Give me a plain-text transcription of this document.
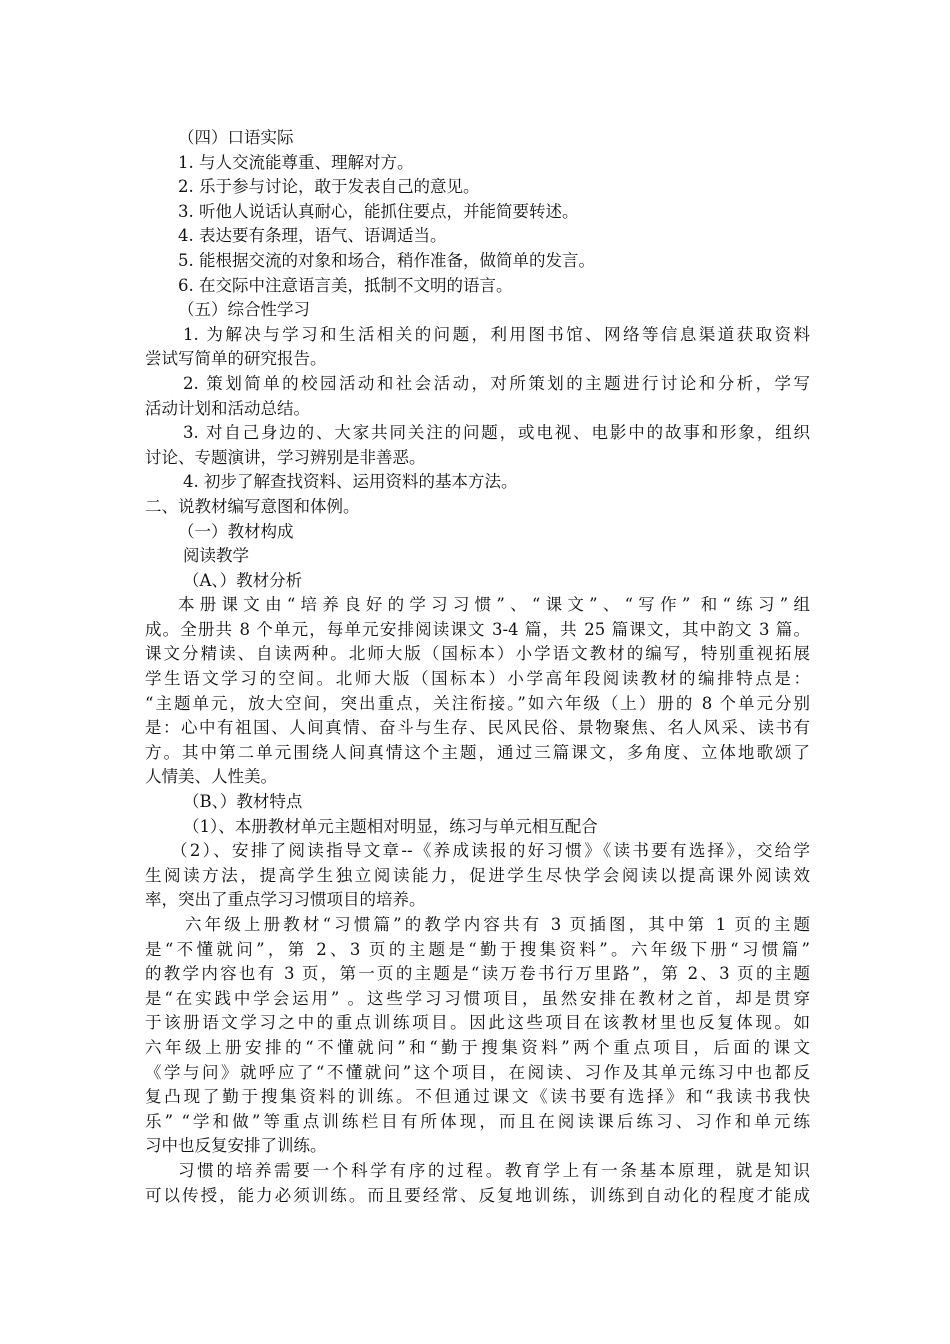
（四）口语实际
1. 与人交流能尊重、理解对方。
2. 乐于参与讨论，敢于发表自己的意见。
3. 听他人说话认真耐心，能抓住要点，并能简要转述。
4. 表达要有条理，语气、语调适当。
5. 能根据交流的对象和场合，稍作准备，做简单的发言。
6. 在交际中注意语言美，抵制不文明的语言。
（五）综合性学习
1. 为解决与学习和生活相关的问题，利用图书馆、网络等信息渠道获取资料
尝试写简单的研究报告。
2. 策划简单的校园活动和社会活动，对所策划的主题进行讨论和分析，学写
活动计划和活动总结。
3. 对自己身边的、大家共同关注的问题，或电视、电影中的故事和形象，组织
讨论、专题演讲，学习辨别是非善恶。
4. 初步了解查找资料、运用资料的基本方法。
二、说教材编写意图和体例。
（一）教材构成
阅读教学
（A、）教材分析
本册课文由“培养良好的学习习惯”、“课文”、“写作” 和“练习”组
成。全册共 8 个单元，每单元安排阅读课文 3-4 篇，共 25 篇课文，其中韵文 3 篇。
课文分精读、自读两种。北师大版（国标本）小学语文教材的编写，特别重视拓展
学生语文学习的空间。北师大版（国标本）小学高年段阅读教材的编排特点是：
“主题单元，放大空间，突出重点，关注衔接。”如六年级（上）册的 8 个单元分别
是：心中有祖国、人间真情、奋斗与生存、民风民俗、景物聚焦、名人风采、读书有
方。其中第二单元围绕人间真情这个主题，通过三篇课文，多角度、立体地歌颂了
人情美、人性美。
（B、）教材特点
（1）、本册教材单元主题相对明显，练习与单元相互配合
（2）、安排了阅读指导文章--《养成读报的好习惯》《读书要有选择》，交给学
生阅读方法，提高学生独立阅读能力，促进学生尽快学会阅读以提高课外阅读效
率，突出了重点学习习惯项目的培养。
六年级上册教材“习惯篇”的教学内容共有 3 页插图，其中第 1 页的主题
是“不懂就问”，第 2、3 页的主题是“勤于搜集资料”。六年级下册“习惯篇”
的教学内容也有 3 页，第一页的主题是“读万卷书行万里路”，第 2、3 页的主题
是“在实践中学会运用” 。这些学习习惯项目，虽然安排在教材之首，却是贯穿
于该册语文学习之中的重点训练项目。因此这些项目在该教材里也反复体现。如
六年级上册安排的“不懂就问”和“勤于搜集资料”两个重点项目，后面的课文
《学与问》就呼应了“不懂就问”这个项目，在阅读、习作及其单元练习中也都反
复凸现了勤于搜集资料的训练。不但通过课文《读书要有选择》和“我读书我快
乐” “学和做”等重点训练栏目有所体现，而且在阅读课后练习、习作和单元练
习中也反复安排了训练。
习惯的培养需要一个科学有序的过程。教育学上有一条基本原理，就是知识
可以传授，能力必须训练。而且要经常、反复地训练，训练到自动化的程度才能成
